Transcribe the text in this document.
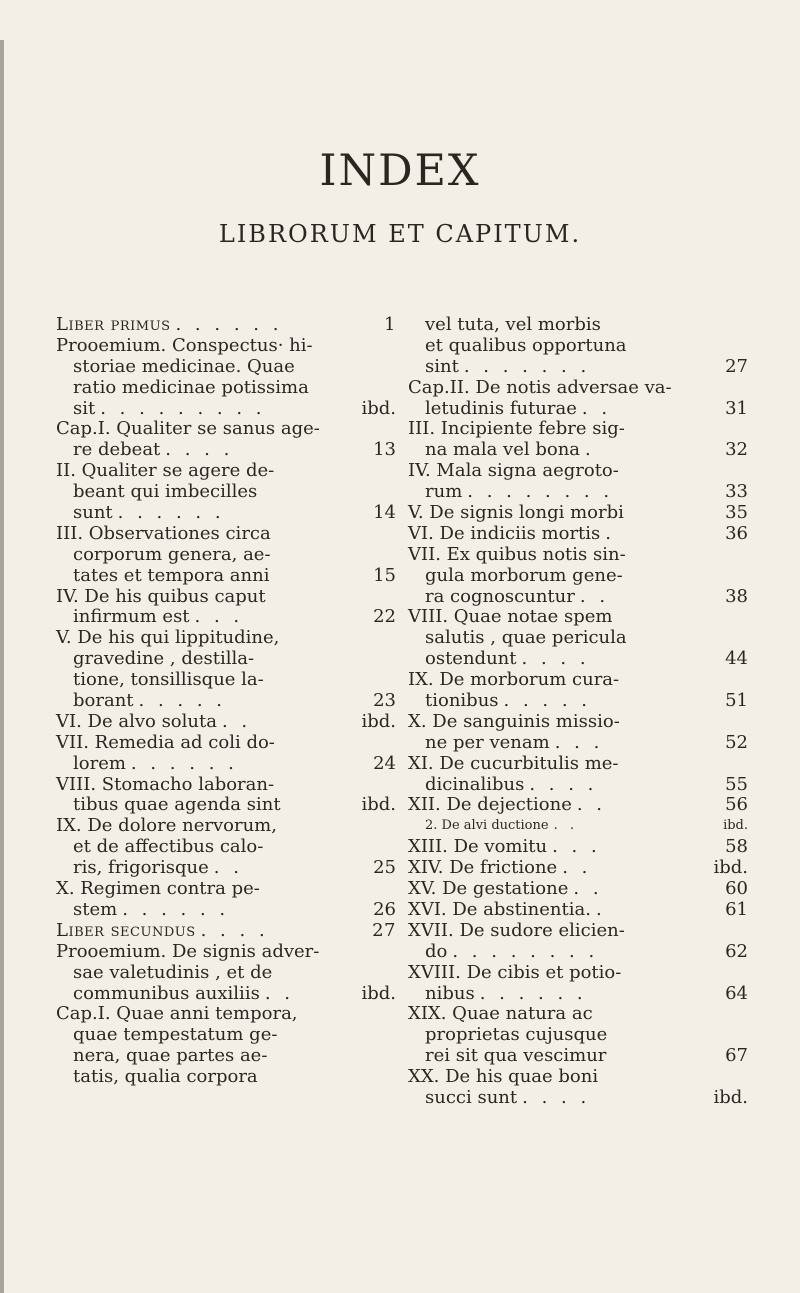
INDEX
LIBRORUM ET CAPITUM.
Liber primus . . . . . .	1
Prooemium. Conspectus· hi-
storiae medicinae. Quae
ratio medicinae potissima
sit . . . . . . . . .	ibd.
Cap.I. Qualiter se sanus age-
re debeat . . . .	13
II. Qualiter se agere de-
beant qui imbecilles
sunt . . . . . .	14
III. Observationes circa
corporum genera, ae-
tates et tempora anni	15
IV. De his quibus caput
infirmum est . . .	22
V. De his qui lippitudine,
gravedine , destilla-
tione, tonsillisque la-
borant . . . . .	23
VI. De alvo soluta . .	ibd.
VII. Remedia ad coli do-
lorem . . . . . .	24
VIII. Stomacho laboran-
tibus quae agenda sint	ibd.
IX. De dolore nervorum,
et de affectibus calo-
ris, frigorisque . .	25
X. Regimen contra pe-
stem . . . . . .	26
Liber secundus . . . .	27
Prooemium. De signis adver-
sae valetudinis , et de
communibus auxiliis . .	ibd.
Cap.I. Quae anni tempora,
quae tempestatum ge-
nera, quae partes ae-
tatis, qualia corpora
vel tuta, vel morbis
et qualibus opportuna
sint . . . . . . .	27
Cap.II. De notis adversae va-
letudinis futurae . .	31
III. Incipiente febre sig-
na mala vel bona .	32
IV. Mala signa aegroto-
rum . . . . . . . .	33
V. De signis longi morbi	35
VI. De indiciis mortis .	36
VII. Ex quibus notis sin-
gula morborum gene-
ra cognoscuntur . .	38
VIII. Quae notae spem
salutis , quae pericula
ostendunt . . . .	44
IX. De morborum cura-
tionibus . . . . .	51
X. De sanguinis missio-
ne per venam . . .	52
XI. De cucurbitulis me-
dicinalibus . . . .	55
XII. De dejectione . .	56
2. De alvi ductione . .	ibd.
XIII. De vomitu . . .	58
XIV. De frictione . .	ibd.
XV. De gestatione . .	60
XVI. De abstinentia. .	61
XVII. De sudore elicien-
do . . . . . . . .	62
XVIII. De cibis et potio-
nibus . . . . . .	64
XIX. Quae natura ac
proprietas cujusque
rei sit qua vescimur	67
XX. De his quae boni
succi sunt . . . .	ibd.
